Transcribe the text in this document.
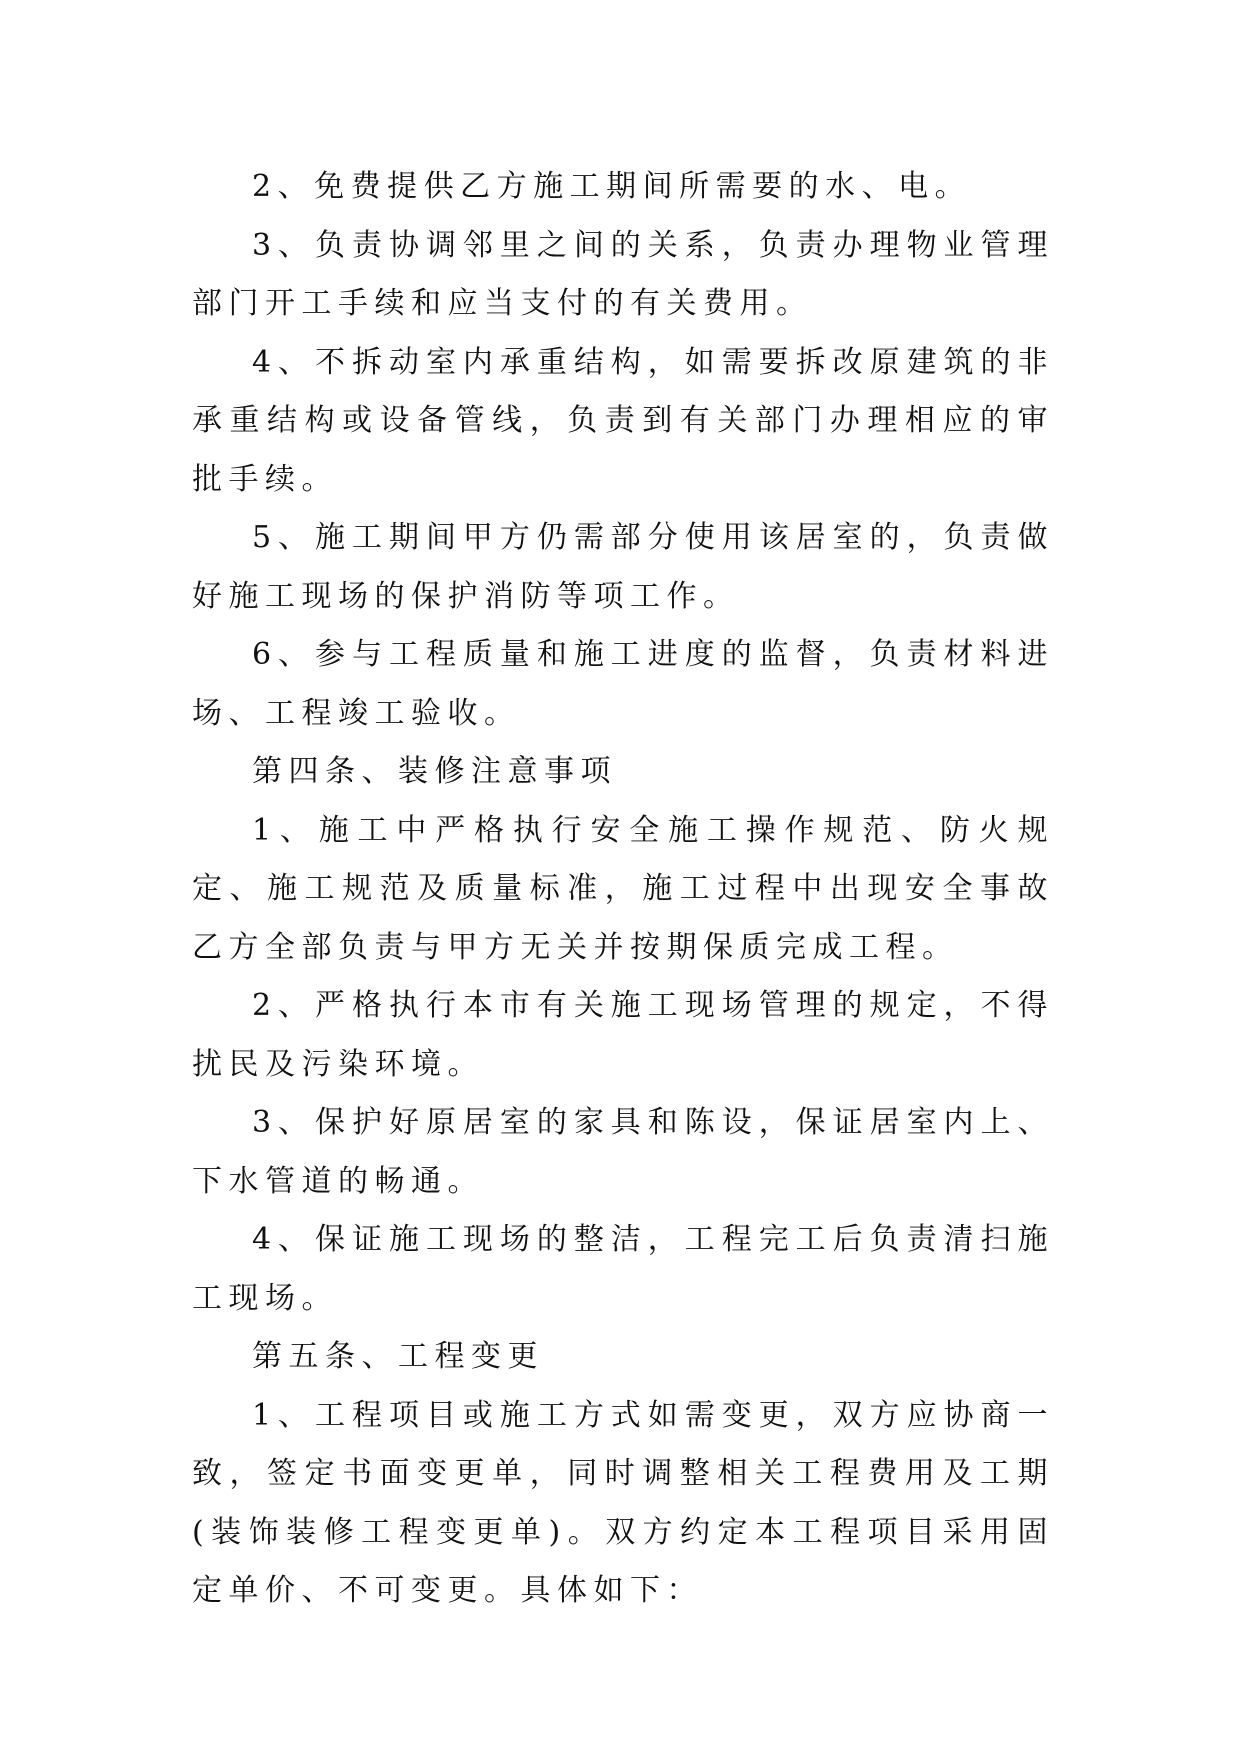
2、免费提供乙方施工期间所需要的水、电。

3、负责协调邻里之间的关系，负责办理物业管理部门开工手续和应当支付的有关费用。

4、不拆动室内承重结构，如需要拆改原建筑的非承重结构或设备管线，负责到有关部门办理相应的审批手续。

5、施工期间甲方仍需部分使用该居室的，负责做好施工现场的保护消防等项工作。

6、参与工程质量和施工进度的监督，负责材料进场、工程竣工验收。

第四条、装修注意事项

1、施工中严格执行安全施工操作规范、防火规定、施工规范及质量标准，施工过程中出现安全事故乙方全部负责与甲方无关并按期保质完成工程。

2、严格执行本市有关施工现场管理的规定，不得扰民及污染环境。

3、保护好原居室的家具和陈设，保证居室内上、下水管道的畅通。

4、保证施工现场的整洁，工程完工后负责清扫施工现场。

第五条、工程变更

1、工程项目或施工方式如需变更，双方应协商一致，签定书面变更单，同时调整相关工程费用及工期(装饰装修工程变更单)。双方约定本工程项目采用固定单价、不可变更。具体如下：
